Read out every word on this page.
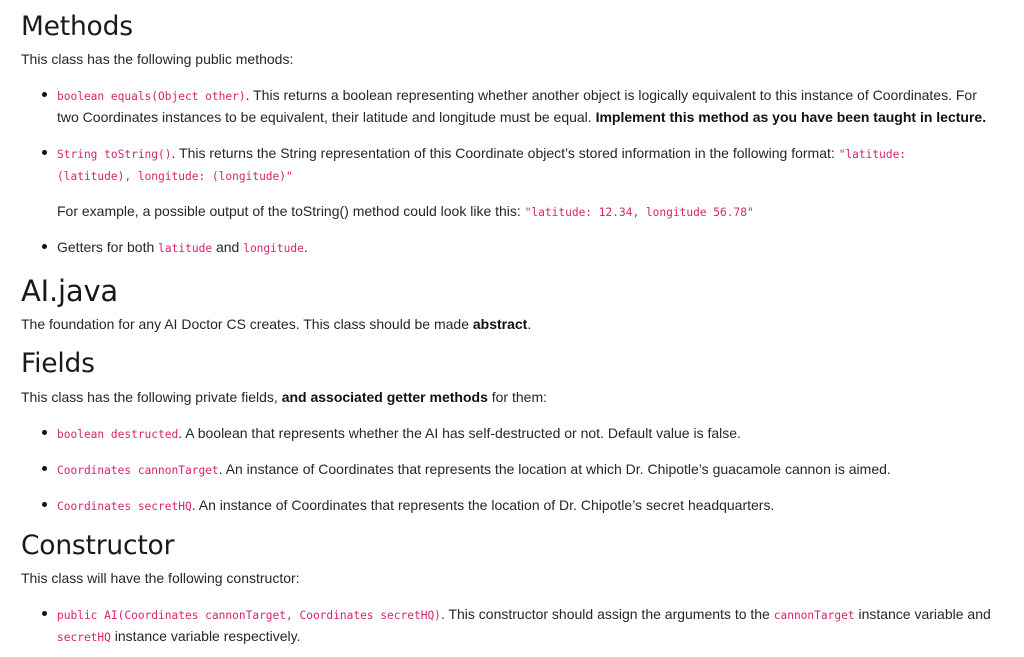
Methods
This class has the following public methods:
boolean equals(Object other). This returns a boolean representing whether another object is logically equivalent to this instance of Coordinates. For
two Coordinates instances to be equivalent, their latitude and longitude must be equal. Implement this method as you have been taught in lecture.
String toString(). This returns the String representation of this Coordinate object’s stored information in the following format: "latitude:
(latitude), longitude: (longitude)"
For example, a possible output of the toString() method could look like this: "latitude: 12.34, longitude 56.78"
Getters for both latitude and longitude.
AI.java
The foundation for any AI Doctor CS creates. This class should be made abstract.
Fields
This class has the following private fields, and associated getter methods for them:
boolean destructed. A boolean that represents whether the AI has self-destructed or not. Default value is false.
Coordinates cannonTarget. An instance of Coordinates that represents the location at which Dr. Chipotle’s guacamole cannon is aimed.
Coordinates secretHQ. An instance of Coordinates that represents the location of Dr. Chipotle’s secret headquarters.
Constructor
This class will have the following constructor:
public AI(Coordinates cannonTarget, Coordinates secretHQ). This constructor should assign the arguments to the cannonTarget instance variable and
secretHQ instance variable respectively.
